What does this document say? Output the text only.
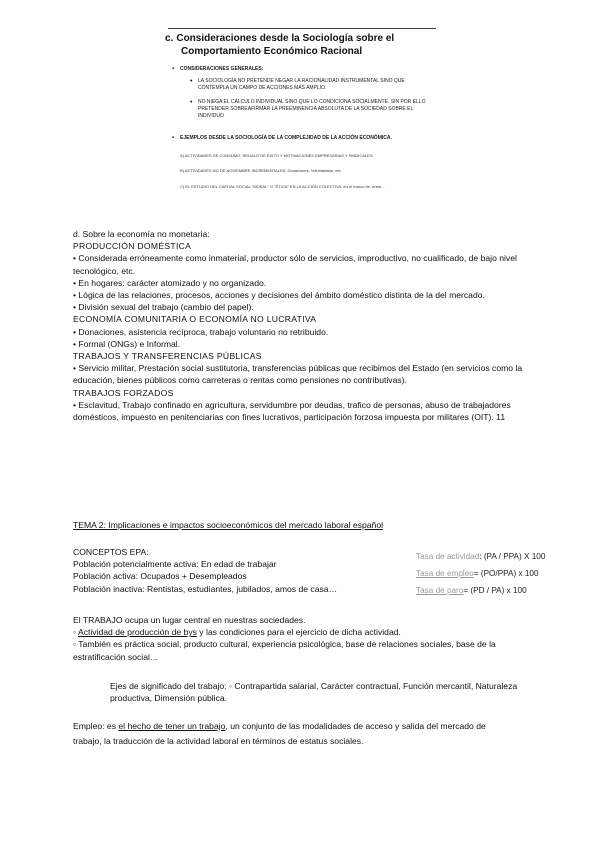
c. Consideraciones desde la Sociología sobre el
Comportamiento Económico Racional
▪ CONSIDERACIONES GENERALES:
• LA SOCIOLOGÍA NO PRETENDE NEGAR LA RACIONALIDAD INSTRUMENTAL SINO QUE CONTEMPLA UN CAMPO DE ACCIONES MÁS AMPLIO.
• NO NIEGA EL CÁLCULO INDIVIDUAL SINO QUE LO CONDICIONA SOCIALMENTE. SIN POR ELLO PRETENDER SOBREAFIRMAR LA PREEMINENCIA ABSOLUTA DE LA SOCIEDAD SOBRE EL INDIVIDUO
▪ EJEMPLOS DESDE LA SOCIOLOGÍA DE LA COMPLEJIDAD DE LA ACCIÓN ECONÓMICA.
A) ACTIVIDADES DE CONSUMO: REGALO DE ÉXITO Y MOTIVACIONES EMPRESARIAS Y SINDICALES.
B) ACTIVIDADES NO DE NOVIEMBRE INCREMENTALES, Donaciones, Voluntariado, etc.
C) EL ESTUDIO DEL CAPITAL SOCIAL "MORAL" O "ÉTICA" EN LA ACCIÓN COLECTIVA, en el marco de, entre...
d. Sobre la economía no monetaria:
PRODUCCIÓN DOMÉSTICA
• Considerada erróneamente como inmaterial, productor sólo de servicios, improductivo, no cualificado, de bajo nivel tecnológico, etc.
• En hogares: carácter atomizado y no organizado.
• Lógica de las relaciones, procesos, acciones y decisiones del ámbito doméstico distinta de la del mercado.
• División sexual del trabajo (cambio del papel).
ECONOMÍA COMUNITARIA O ECONOMÍA NO LUCRATIVA
• Donaciones, asistencia recíproca, trabajo voluntario no retribuido.
• Formal (ONGs) e Informal.
TRABAJOS Y TRANSFERENCIAS PÚBLICAS
• Servicio militar, Prestación social sustitutoria, transferencias públicas que recibimos del Estado (en servicios como la educación, bienes públicos como carreteras o rentas como pensiones no contributivas).
TRABAJOS FORZADOS
• Esclavitud, Trabajo confinado en agricultura, servidumbre por deudas, trafico de personas, abuso de trabajadores domésticos, impuesto en penitenciarias con fines lucrativos, participación forzosa impuesta por militares (OIT). 11
TEMA 2: Implicaciones e impactos socioeconómicos del mercado laboral español
CONCEPTOS EPA:
Población potencialmente activa: En edad de trabajar
Población activa: Ocupados + Desempleados
Población inactiva: Rentistas, estudiantes, jubilados, amos de casa…
Tasa de actividad: (PA / PPA) X 100
Tasa de empleo= (PO/PPA) x 100
Tasa de paro= (PD / PA) x 100
El TRABAJO ocupa un lugar central en nuestras sociedades.
◦ Actividad de producción de bys y las condiciones para el ejercicio de dicha actividad.
◦ También es práctica social, producto cultural, experiencia psicológica, base de relaciones sociales, base de la estratificación social…
Ejes de significado del trabajo: ◦ Contrapartida salarial, Carácter contractual, Función mercantil, Naturaleza productiva, Dimensión pública.
Empleo: es el hecho de tener un trabajo, un conjunto de las modalidades de acceso y salida del mercado de trabajo, la traducción de la actividad laboral en términos de estatus sociales.
